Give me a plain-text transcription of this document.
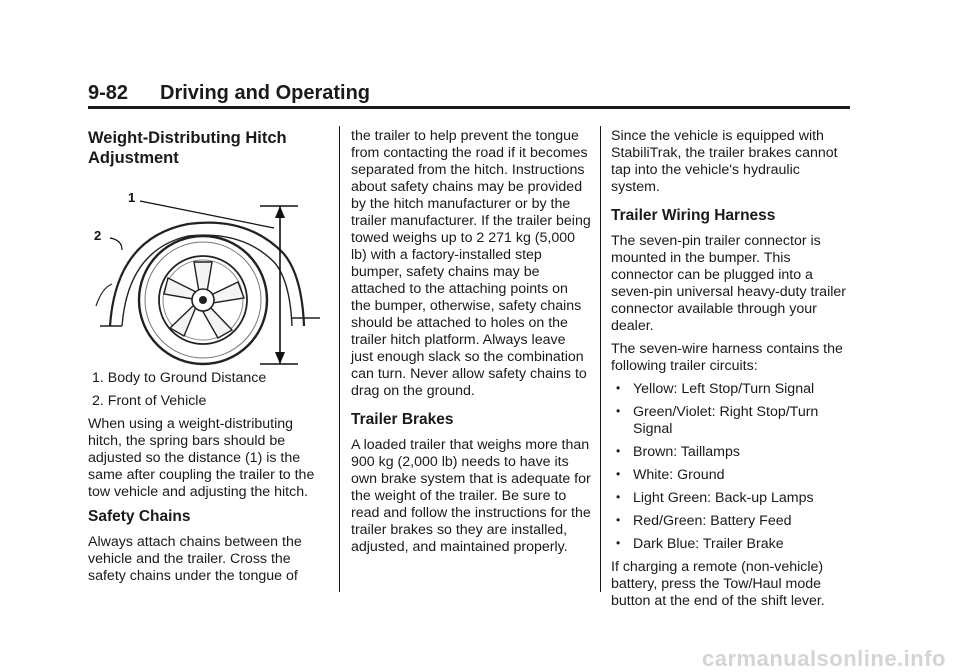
9-82 Driving and Operating
Weight-Distributing Hitch Adjustment
1
2
1. Body to Ground Distance
2. Front of Vehicle

When using a weight-distributing hitch, the spring bars should be adjusted so the distance (1) is the same after coupling the trailer to the tow vehicle and adjusting the hitch.

Safety Chains

Always attach chains between the vehicle and the trailer. Cross the safety chains under the tongue of

the trailer to help prevent the tongue from contacting the road if it becomes separated from the hitch. Instructions about safety chains may be provided by the hitch manufacturer or by the trailer manufacturer. If the trailer being towed weighs up to 2 271 kg (5,000 lb) with a factory-installed step bumper, safety chains may be attached to the attaching points on the bumper, otherwise, safety chains should be attached to holes on the trailer hitch platform. Always leave just enough slack so the combination can turn. Never allow safety chains to drag on the ground.

Trailer Brakes

A loaded trailer that weighs more than 900 kg (2,000 lb) needs to have its own brake system that is adequate for the weight of the trailer. Be sure to read and follow the instructions for the trailer brakes so they are installed, adjusted, and maintained properly.

Since the vehicle is equipped with StabiliTrak, the trailer brakes cannot tap into the vehicle's hydraulic system.

Trailer Wiring Harness

The seven-pin trailer connector is mounted in the bumper. This connector can be plugged into a seven-pin universal heavy-duty trailer connector available through your dealer.

The seven-wire harness contains the following trailer circuits:

• Yellow: Left Stop/Turn Signal
• Green/Violet: Right Stop/Turn Signal
• Brown: Taillamps
• White: Ground
• Light Green: Back-up Lamps
• Red/Green: Battery Feed
• Dark Blue: Trailer Brake

If charging a remote (non-vehicle) battery, press the Tow/Haul mode button at the end of the shift lever.

carmanualsonline.info
